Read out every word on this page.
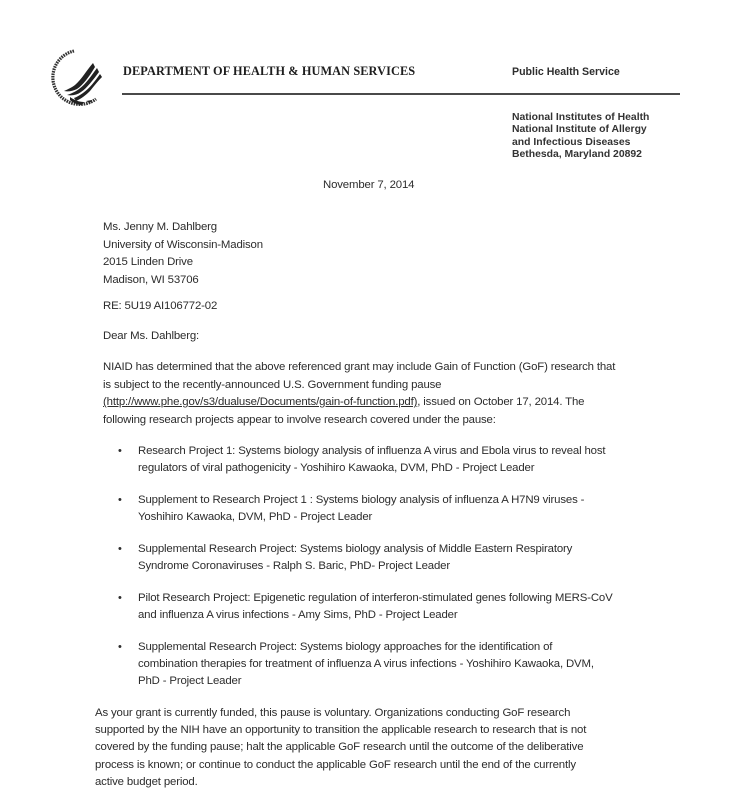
DEPARTMENT OF HEALTH & HUMAN SERVICES	Public Health Service
National Institutes of Health
National Institute of Allergy
and Infectious Diseases
Bethesda, Maryland 20892
November 7, 2014
Ms. Jenny M. Dahlberg
University of Wisconsin-Madison
2015 Linden Drive
Madison, WI 53706
RE: 5U19 AI106772-02
Dear Ms. Dahlberg:
NIAID has determined that the above referenced grant may include Gain of Function (GoF) research that
is subject to the recently-announced U.S. Government funding pause
(http://www.phe.gov/s3/dualuse/Documents/gain-of-function.pdf), issued on October 17, 2014. The
following research projects appear to involve research covered under the pause:
• Research Project 1: Systems biology analysis of influenza A virus and Ebola virus to reveal host
regulators of viral pathogenicity - Yoshihiro Kawaoka, DVM, PhD - Project Leader
• Supplement to Research Project 1 : Systems biology analysis of influenza A H7N9 viruses -
Yoshihiro Kawaoka, DVM, PhD - Project Leader
• Supplemental Research Project: Systems biology analysis of Middle Eastern Respiratory
Syndrome Coronaviruses - Ralph S. Baric, PhD- Project Leader
• Pilot Research Project: Epigenetic regulation of interferon-stimulated genes following MERS-CoV
and influenza A virus infections - Amy Sims, PhD - Project Leader
• Supplemental Research Project: Systems biology approaches for the identification of
combination therapies for treatment of influenza A virus infections - Yoshihiro Kawaoka, DVM,
PhD - Project Leader
As your grant is currently funded, this pause is voluntary. Organizations conducting GoF research
supported by the NIH have an opportunity to transition the applicable research to research that is not
covered by the funding pause; halt the applicable GoF research until the outcome of the deliberative
process is known; or continue to conduct the applicable GoF research until the end of the currently
active budget period.
